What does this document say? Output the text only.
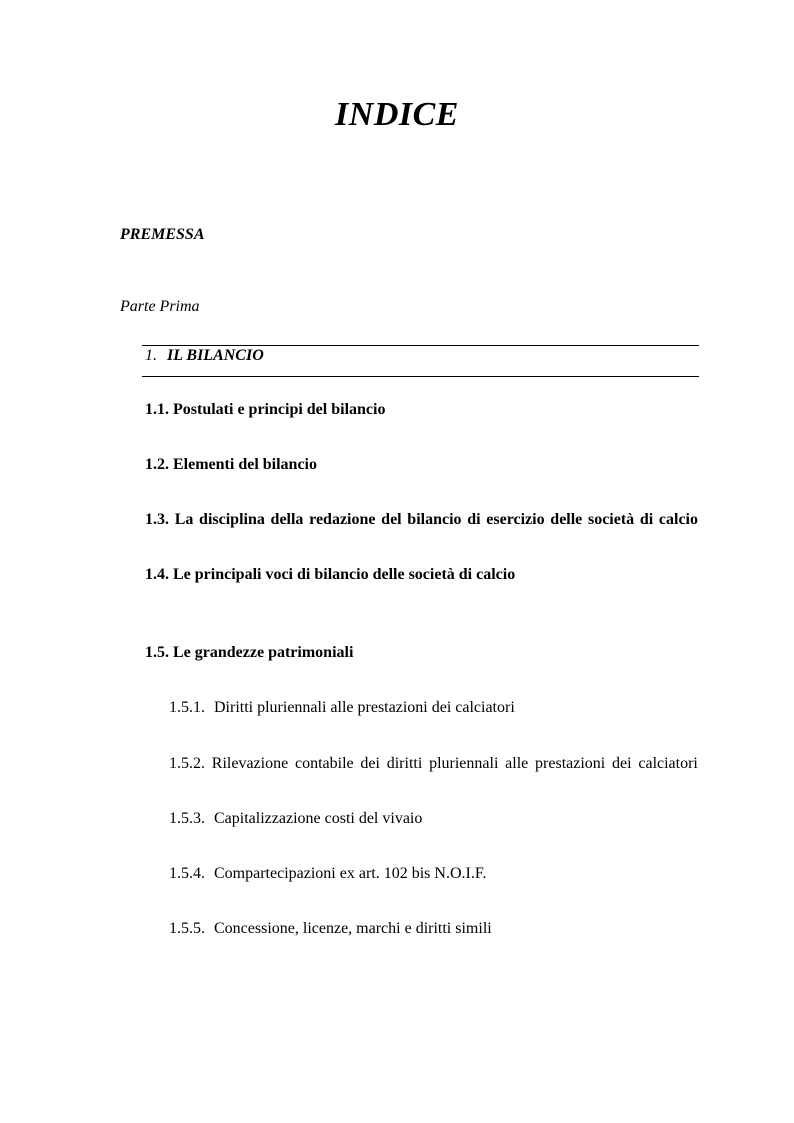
INDICE
PREMESSA
Parte Prima
1. IL BILANCIO
1.1. Postulati e principi del bilancio
1.2. Elementi del bilancio
1.3. La disciplina della redazione del bilancio di esercizio delle società di calcio
1.4. Le principali voci di bilancio delle società di calcio
1.5. Le grandezze patrimoniali
1.5.1. Diritti pluriennali alle prestazioni dei calciatori
1.5.2. Rilevazione contabile dei diritti pluriennali alle prestazioni dei calciatori
1.5.3. Capitalizzazione costi del vivaio
1.5.4. Compartecipazioni ex art. 102 bis N.O.I.F.
1.5.5. Concessione, licenze, marchi e diritti simili
